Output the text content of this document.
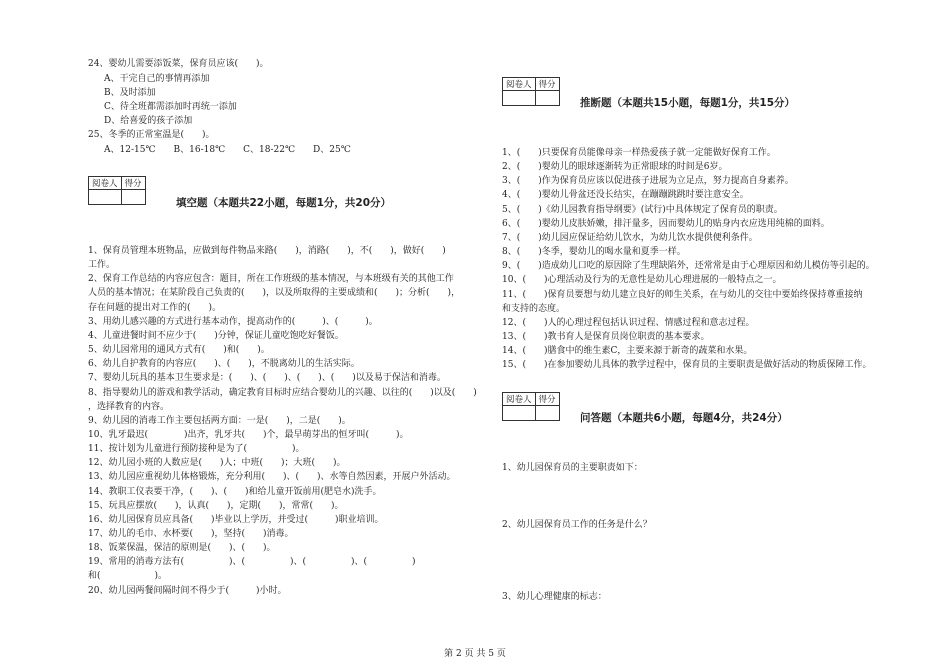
24、婴幼儿需要添饭菜，保育员应该(　　)。
A、干完自己的事情再添加
B、及时添加
C、待全班都需添加时再统一添加
D、给喜爱的孩子添加
25、冬季的正常室温是(　　)。
A、12-15℃　　B、16-18℃　　C、18-22℃　　D、25℃
阅卷人	得分

填空题（本题共22小题，每题1分，共20分）
1、保育员管理本班物品，应做到每件物品来路(　　)，消路(　　)，不(　　)，做好(　　)
工作。
2、保育工作总结的内容应包含：题目，所在工作班级的基本情况，与本班级有关的其他工作
人员的基本情况；在某阶段自己负责的(　　)，以及所取得的主要成绩和(　　)；分析(　　)，
存在问题的提出对工作的(　　)。
3、用幼儿感兴趣的方式进行基本动作，提高动作的(　　　)、(　　　)。
4、儿童进餐时间不应少于(　　)分钟，保证儿童吃饱吃好餐饭。
5、幼儿园常用的通风方式有(　　)和(　　)。
6、幼儿自护教育的内容应(　　)、(　　)，不脱离幼儿的生活实际。
7、婴幼儿玩具的基本卫生要求是：(　　)、(　　)、(　　)、(　　)以及易于保洁和消毒。
8、指导婴幼儿的游戏和教学活动，确定教育目标时应结合婴幼儿的兴趣、以往的(　　)以及(　　)
，选择教育的内容。
9、幼儿园的消毒工作主要包括两方面：一是(　　)，二是(　　)。
10、乳牙最迟(　　　　)出齐，乳牙共(　　)个，最早萌芽出的恒牙叫(　　　)。
11、按计划为儿童进行预防接种是为了(　　　　　)。
12、幼儿园小班的人数应是(　　)人；中班(　　)；大班(　　)。
13、幼儿园应重视幼儿体格锻炼，充分利用(　　)、(　　)、水等自然因素，开展户外活动。
14、教职工仪表要干净，(　　)、(　　)和给儿童开饭前用(肥皂水)洗手。
15、玩具应摆放(　　)，认真(　　)，定期(　　)，常常(　　)。
16、幼儿园保育员应具备(　　)毕业以上学历，并受过(　　　)职业培训。
17、幼儿的毛巾、水杯要(　　)，坚持(　　)消毒。
18、饭菜保温，保洁的原则是(　　)、(　　)。
19、常用的消毒方法有(　　　　　)、(　　　　　)、(　　　　　)、(　　　　　)
和(　　　　　　)。
20、幼儿园两餐间隔时间不得少于(　　　)小时。
阅卷人	得分

推断题（本题共15小题，每题1分，共15分）
1、(　　)只要保育员能像母亲一样热爱孩子就一定能做好保育工作。
2、(　　)婴幼儿的眼球逐渐转为正常眼球的时间是6岁。
3、(　　)作为保育员应该以促进孩子进展为立足点，努力提高自身素养。
4、(　　)婴幼儿骨盆还没长结实，在蹦蹦跳跳时要注意安全。
5、(　　)《幼儿园教育指导纲要》(试行)中具体规定了保育员的职责。
6、(　　)婴幼儿皮肤娇嫩，排汗量多，因而婴幼儿的贴身内衣应选用纯棉的面料。
7、(　　)幼儿园应保证给幼儿饮水，为幼儿饮水提供便利条件。
8、(　　)冬季，婴幼儿的喝水量和夏季一样。
9、(　　)造成幼儿口吃的原因除了生理缺陷外，还常常是由于心理原因和幼儿模仿等引起的。
10、(　　)心理活动及行为的无意性是幼儿心理进展的一般特点之一。
11、(　　)保育员要想与幼儿建立良好的师生关系，在与幼儿的交往中要始终保持尊重接纳
和支持的态度。
12、(　　)人的心理过程包括认识过程、情感过程和意志过程。
13、(　　)教书育人是保育员岗位职责的基本要求。
14、(　　)膳食中的维生素C，主要来源于新奇的蔬菜和水果。
15、(　　)在参加婴幼儿具体的教学过程中，保育员的主要职责是做好活动的物质保障工作。
阅卷人	得分

问答题（本题共6小题，每题4分，共24分）
1、幼儿园保育员的主要职责如下：
2、幼儿园保育员工作的任务是什么？
3、幼儿心理健康的标志：
第 2 页 共 5 页
